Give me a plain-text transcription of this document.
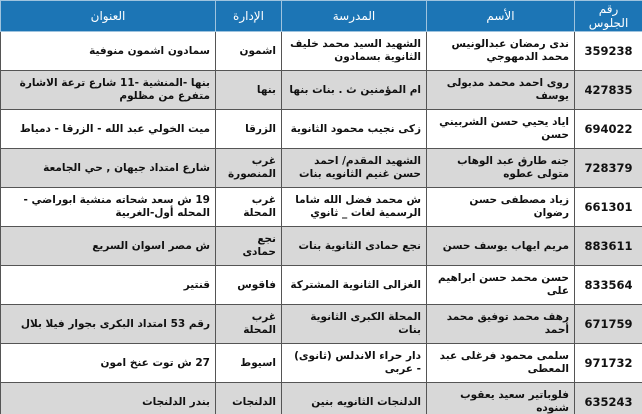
رقم الجلوس	الأسم	المدرسة	الإدارة	العنوان
359238	ندى رمضان عبدالونيس محمد الدمهوجي	الشهيد السيد محمد خليف الثانوية بسمادون	اشمون	سمادون اشمون منوفية
427835	روى احمد محمد مدبولى يوسف	ام المؤمنين ث . بنات بنها	بنها	بنها -المنشية -11 شارع ترعة الاشارة متفرع من مظلوم
694022	اياد يحيي حسن الشربيني حسن	زكى نجيب محمود الثانوية	الزرقا	ميت الخولي عبد الله - الزرقا - دمياط
728379	جنه طارق عبد الوهاب متولى عطوه	الشهيد المقدم/ احمد حسن غنيم الثانويه بنات	غرب المنصورة	شارع امتداد جيهان , حي الجامعة
661301	زياد مصطفى حسن رضوان	ش محمد فضل الله شاما الرسمية لغات _ ثانوي	غرب المحلة	19 ش سعد شحاته منشية ابوراضي - المحله أول-الغربية
883611	مريم ايهاب يوسف حسن	نجع حمادى الثانوية بنات	نجع حمادى	ش مصر اسوان السريع
833564	حسن محمد حسن ابراهيم على	الغزالى الثانوية المشتركة	فاقوس	قنتير
671759	رهف محمد توفيق محمد أحمد	المحلة الكبرى الثانوية بنات	غرب المحلة	رقم 53 امتداد البكرى بجوار فيلا بلال
971732	سلمى محمود فرغلى عبد المعطى	دار حراء الاندلس (ثانوى) - عربى	اسيوط	27 ش توت عنخ امون
635243	فلوباتير سعيد يعقوب شنوده	الدلنجات الثانويه بنين	الدلنجات	بندر الدلنجات
